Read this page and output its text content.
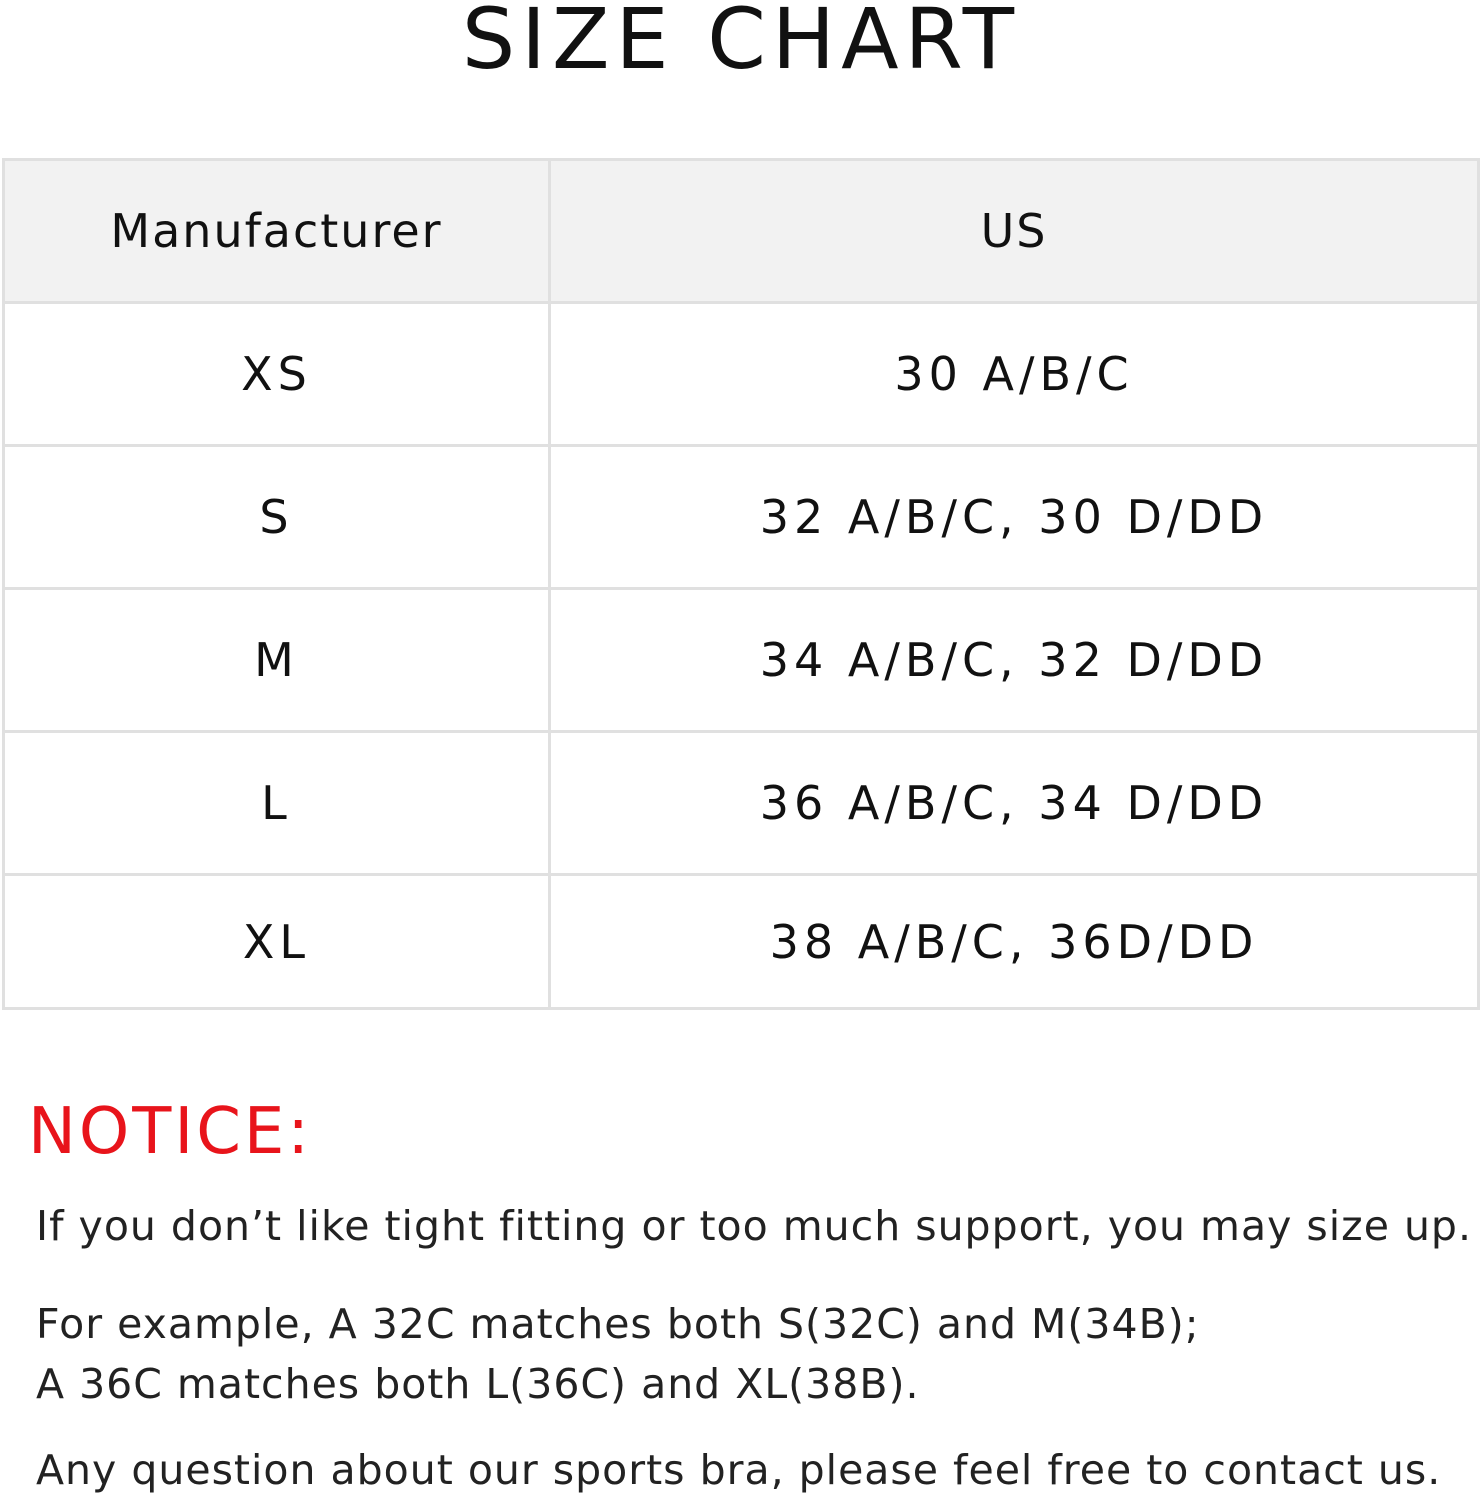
SIZE CHART
Manufacturer	US
XS	30 A/B/C
S	32 A/B/C, 30 D/DD
M	34 A/B/C, 32 D/DD
L	36 A/B/C, 34 D/DD
XL	38 A/B/C, 36D/DD
NOTICE:
If you don’t like tight fitting or too much support, you may size up.
For example, A 32C matches both S(32C) and M(34B);
A 36C matches both L(36C) and XL(38B).
Any question about our sports bra, please feel free to contact us.
